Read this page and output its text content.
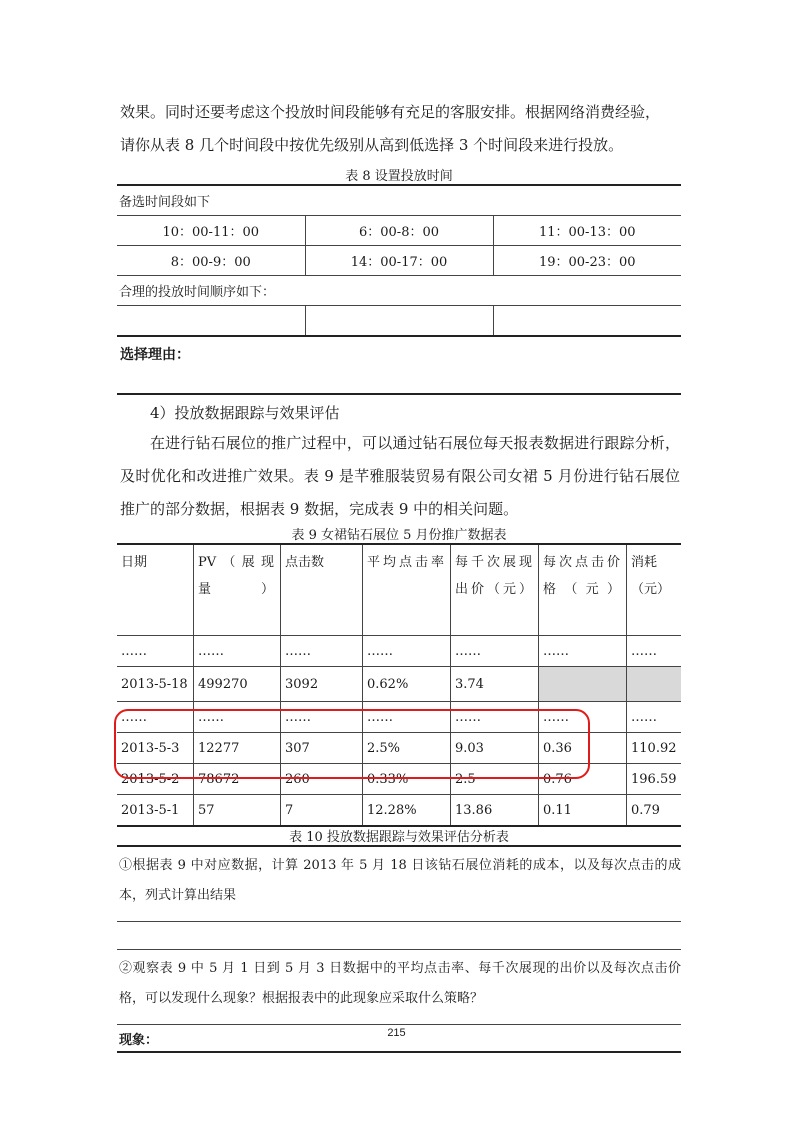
效果。同时还要考虑这个投放时间段能够有充足的客服安排。根据网络消费经验，

请你从表 8 几个时间段中按优先级别从高到低选择 3 个时间段来进行投放。

表 8 设置投放时间

备选时间段如下		
10：00-11：00	6：00-8：00	11：00-13：00
8：00-9：00	14：00-17：00	19：00-23：00
合理的投放时间顺序如下：		

选择理由：

4）投放数据跟踪与效果评估

在进行钻石展位的推广过程中，可以通过钻石展位每天报表数据进行跟踪分析，及时优化和改进推广效果。表 9 是芊雅服装贸易有限公司女裙 5 月份进行钻石展位推广的部分数据，根据表 9 数据，完成表 9 中的相关问题。

表 9 女裙钻石展位 5 月份推广数据表

日期	PV（展现量）	点击数	平均点击率	每千次展现出价（元）	每次点击价格（元）	消耗（元）
……	……	……	……	……	……	……
2013-5-18	499270	3092	0.62%	3.74		
……	……	……	……	……	……	……
2013-5-3	12277	307	2.5%	9.03	0.36	110.92
2013-5-2	78672	260	0.33%	2.5	0.76	196.59
2013-5-1	57	7	12.28%	13.86	0.11	0.79

表 10 投放数据跟踪与效果评估分析表

①根据表 9 中对应数据，计算 2013 年 5 月 18 日该钻石展位消耗的成本，以及每次点击的成本，列式计算出结果

②观察表 9 中 5 月 1 日到 5 月 3 日数据中的平均点击率、每千次展现的出价以及每次点击价格，可以发现什么现象？根据报表中的此现象应采取什么策略？
现象：	215
